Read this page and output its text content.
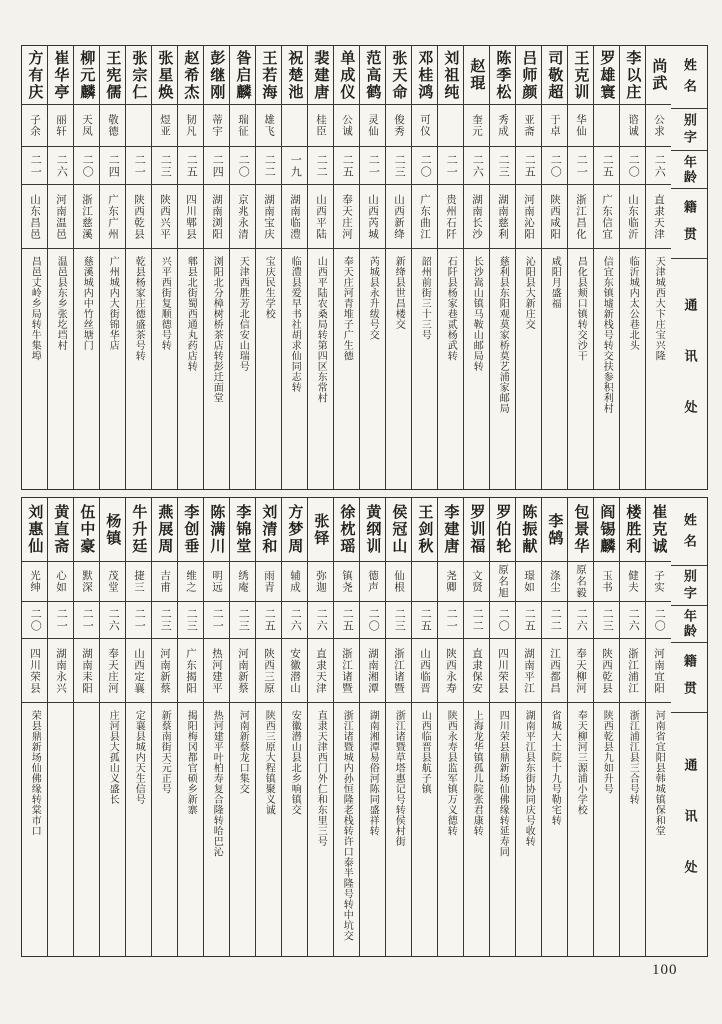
姓名
别字
年龄
籍贯
通讯处
尚武
公求
二六
直隶天津
天津城西大卞庄宝兴隆
李以庄
谘诚
二〇
山东临沂
临沂城内太公巷北头
罗雄寰
二五
广东信宜
信宜东镇墟新栈号转交扶参积利村
王克训
华仙
二一
浙江昌化
昌化县颊口镇转交沙干
司敬超
于卓
二〇
陕西咸阳
咸阳月盛福
吕师颜
亚斋
二五
河南沁阳
沁阳县大新庄交
陈季松
秀成
二三
湖南慈利
慈利县东阳观莫家桥莫艺浦家邮局
赵琨
奎元
二六
湖南长沙
长沙嵩山镇马鞍山邮局转
刘祖纯
二一
贵州石阡
石阡县杨家巷贰杨武转
邓桂鸿
可仪
二〇
广东曲江
韶州前街三十三号
张天命
俊秀
二三
山西新绛
新绛县世昌楼交
范高鹤
灵仙
二一
山西芮城
芮城县永升绂号交
单成仪
公诚
二五
奉天庄河
奉天庄河青堆子广生德
裴建唐
桂臣
二二
山西平陆
山西平陆农桑局转第四区东常村
祝楚池
一九
湖南临澧
临澧县爱早书社胡求仙同志转
王若海
雄飞
二二
湖南宝庆
宝庆民生学校
昝启麟
瑞征
二〇
京兆永清
天津西胜芳北信安山瑞号
彭继刚
蒂宇
二四
湖南浏阳
浏阳北分樟树桥茶店转彭迁面堂
赵希杰
韧凡
二五
四川郫县
郫县北街蜀西通丸药店转
张星焕
煜亚
二三
陕西兴平
兴平西街复顺德号转
张宗仁
二一
陕西乾县
乾县杨家庄德盛茶号转
王宪儒
敬德
二四
广东广州
广州城内大街锦华店
柳元麟
天凤
二〇
浙江慈溪
慈溪城内中竹丝塘门
崔华亭
丽轩
二六
河南温邑
温邑县东乡张圪垱村
方有庆
子余
二一
山东昌邑
昌邑丈岭乡局转牛集埠
姓名
别字
年龄
籍贯
通讯处
崔克诚
子实
二〇
河南宜阳
河南省宜阳县韩城镇保和堂
楼胜利
健夫
二六
浙江浦江
浙江浦江县三合号转
阎锡麟
玉书
二三
陕西乾县
陕西乾县九如升号
包景华
原名毅
二六
奉天柳河
奉天柳河三源浦小学校
李鹄
涤尘
二二
江西都昌
省城大士院十九号勒宅转
陈振献
璟如
二五
湖南平江
湖南平江县东街协同庆号收转
罗伯轮
原名旭
二〇
四川荣县
四川荣县鼎新场仙佛缘转延寿同
罗训福
文贤
二二
直隶保安
上海龙华镇孤儿院张君康转
李建唐
尧卿
二一
陕西永寿
陕西永寿县监军镇万义德转
王剑秋
二五
山西临晋
山西临晋县航子镇
侯冠山
仙根
二三
浙江诸暨
浙江诸暨草塔惠记号转侯村街
黄纲训
德声
二〇
湖南湘潭
湖南湘潭易俗河陈同盛祥转
徐枕瑶
镇尧
二五
浙江诸暨
浙江诸暨城内孙恒隆老栈转许口泰半隆号转中坑交
张铎
弥迦
二六
直隶天津
直隶天津西门外仁和东里三号
方梦周
辅成
二六
安徽潜山
安徽潜山县北乡响镇交
刘清和
雨青
二五
陕西三原
陕西三原大程镇聚义诚
李锦堂
绣庵
二三
河南新蔡
河南新蔡龙口集交
陈满川
明远
二一
热河建平
热河建平叶柏寿复合隆转哈巴沁
李创垂
维之
二三
广东揭阳
揭阳梅冈都官硕乡新寨
燕展周
吉甫
二三
河南新蔡
新蔡南街天元正号
牛升廷
捷三
二一
山西定襄
定襄县城内天生信号
杨镇
茂堂
二六
奉天庄河
庄河县大孤山义盛长
伍中豪
默深
二一
湖南耒阳
黄直斋
心如
二一
湖南永兴
刘惠仙
光绅
二〇
四川荣县
荣县鼎新场仙佛缘转棠市口
100
